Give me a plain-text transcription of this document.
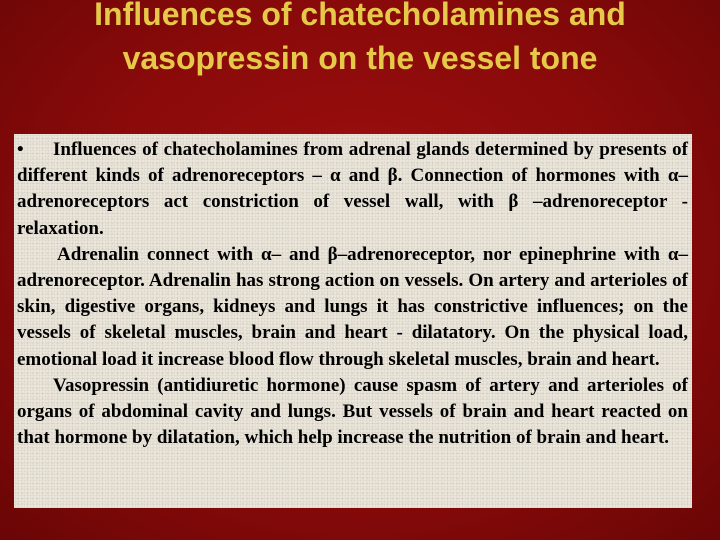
Influences of chatecholamines and vasopressin on the vessel tone

• Influences of chatecholamines from adrenal glands determined by presents of different kinds of adrenoreceptors – α and β. Connection of hormones with α–adrenoreceptors act constriction of vessel wall, with β –adrenoreceptor - relaxation.

Adrenalin connect with α– and β–adrenoreceptor, nor epinephrine with α–adrenoreceptor. Adrenalin has strong action on vessels. On artery and arterioles of skin, digestive organs, kidneys and lungs it has constrictive influences; on the vessels of skeletal muscles, brain and heart - dilatatory. On the physical load, emotional load it increase blood flow through skeletal muscles, brain and heart.

Vasopressin (antidiuretic hormone) cause spasm of artery and arterioles of organs of abdominal cavity and lungs. But vessels of brain and heart reacted on that hormone by dilatation, which help increase the nutrition of brain and heart.
